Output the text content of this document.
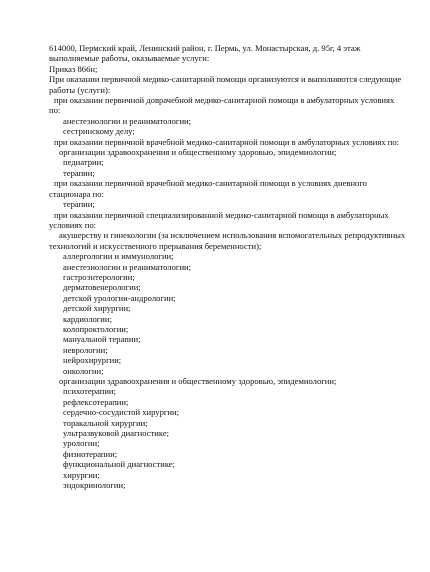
614000, Пермский край, Ленинский район, г. Пермь, ул. Монастырская, д. 95г, 4 этаж
выполняемые работы, оказываемые услуги:
Приказ 866н;
При оказании первичной медико-санитарной помощи организуются и выполняются следующие
работы (услуги):
при оказании первичной доврачебной медико-санитарной помощи в амбулаторных условиях
по:
анестезиологии и реаниматологии;
сестринскому делу;
при оказании первичной врачебной медико-санитарной помощи в амбулаторных условиях по:
организации здравоохранения и общественному здоровью, эпидемиологии;
педиатрии;
терапии;
при оказании первичной врачебной медико-санитарной помощи в условиях дневного
стационара по:
терапии;
при оказании первичной специализированной медико-санитарной помощи в амбулаторных
условиях по:
акушерству и гинекологии (за исключением использования вспомогательных репродуктивных
технологий и искусственного прерывания беременности);
аллергологии и иммунологии;
анестезиологии и реаниматологии;
гастроэнтерологии;
дерматовенерологии;
детской урологии-андрологии;
детской хирургии;
кардиологии;
колопроктологии;
мануальной терапии;
неврологии;
нейрохирургии;
онкологии;
организации здравоохранения и общественному здоровью, эпидемиологии;
психотерапии;
рефлексотерапии;
сердечно-сосудистой хирургии;
торакальной хирургии;
ультразвуковой диагностике;
урологии;
физиотерапии;
функциональной диагностике;
хирургии;
эндокринологии;
